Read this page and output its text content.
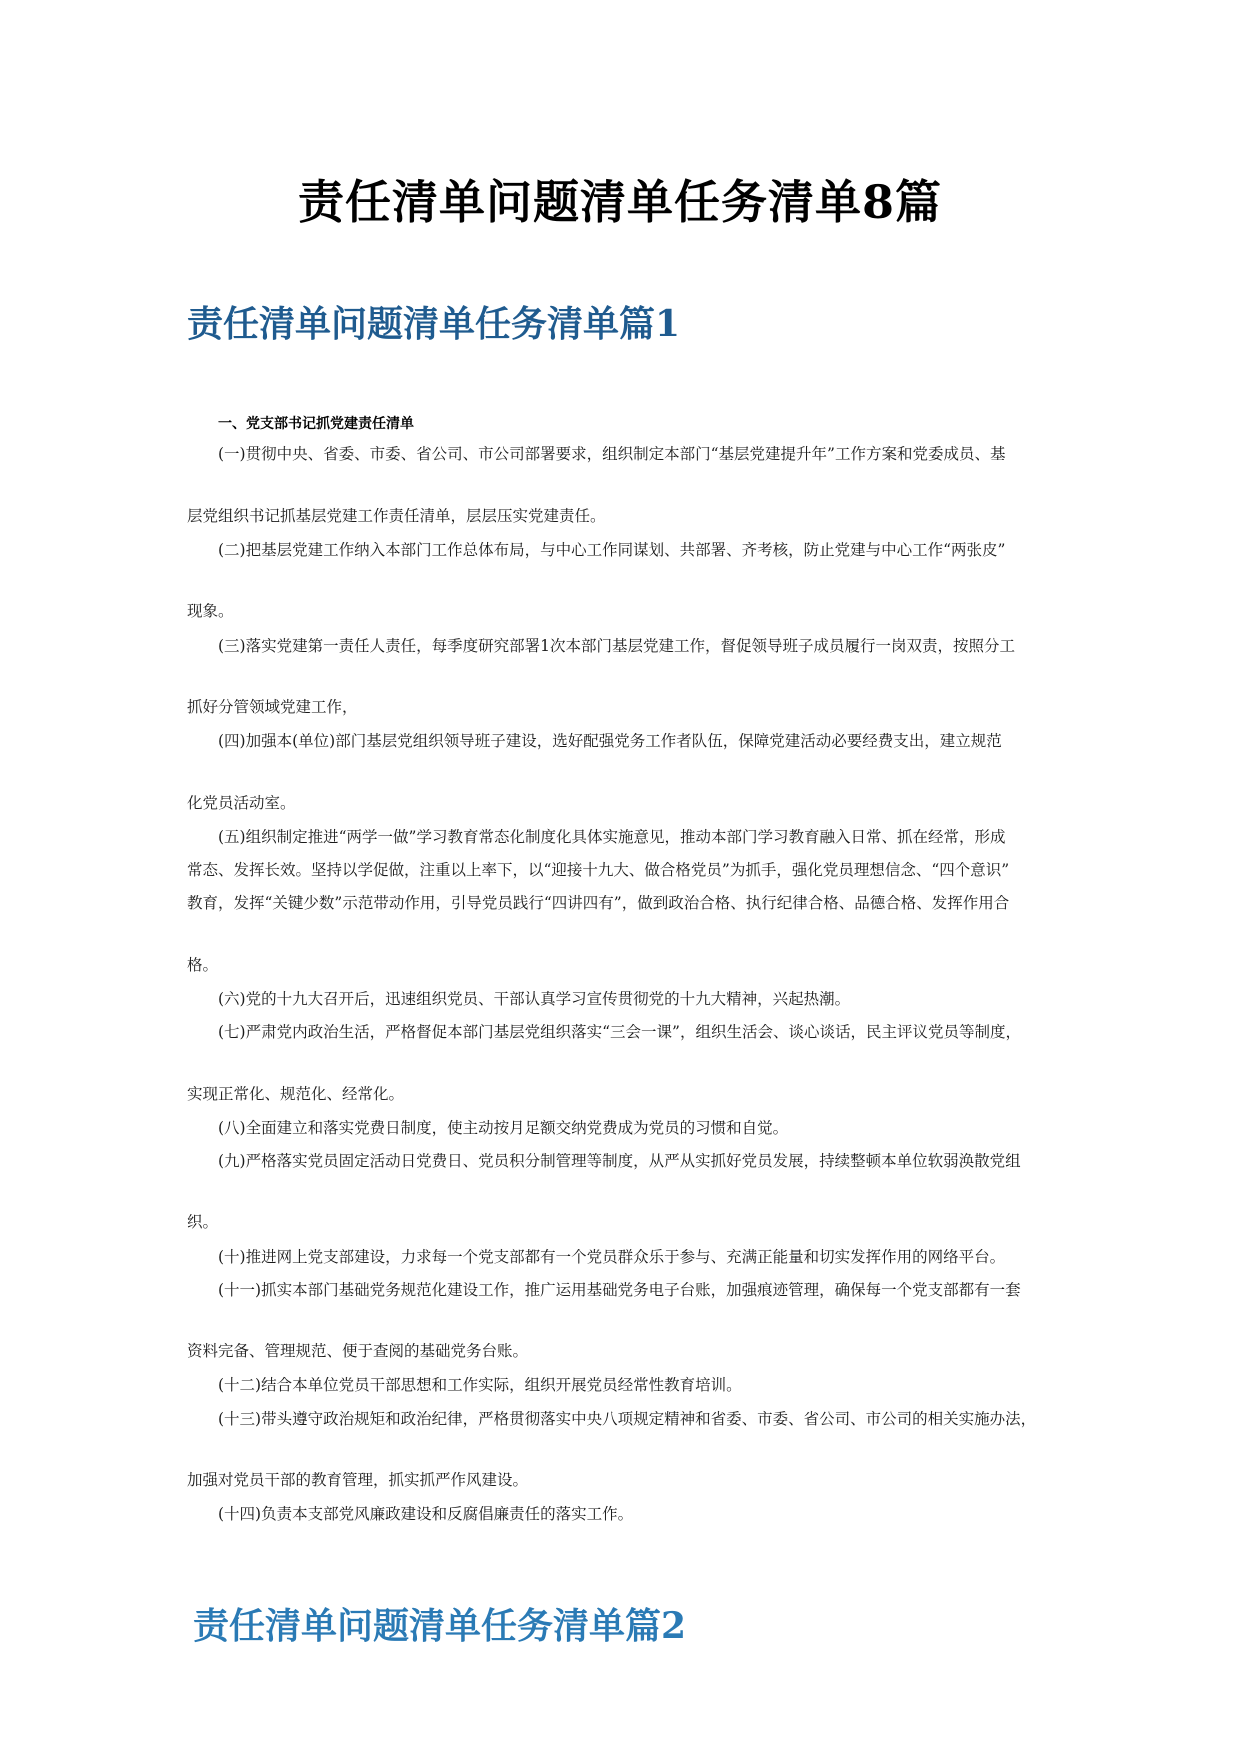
责任清单问题清单任务清单8篇
责任清单问题清单任务清单篇1

一、党支部书记抓党建责任清单

(一)贯彻中央、省委、市委、省公司、市公司部署要求，组织制定本部门“基层党建提升年”工作方案和党委成员、基

层党组织书记抓基层党建工作责任清单，层层压实党建责任。

(二)把基层党建工作纳入本部门工作总体布局，与中心工作同谋划、共部署、齐考核，防止党建与中心工作“两张皮”

现象。

(三)落实党建第一责任人责任，每季度研究部署1次本部门基层党建工作，督促领导班子成员履行一岗双责，按照分工

抓好分管领域党建工作，

(四)加强本(单位)部门基层党组织领导班子建设，选好配强党务工作者队伍，保障党建活动必要经费支出，建立规范

化党员活动室。

(五)组织制定推进“两学一做”学习教育常态化制度化具体实施意见，推动本部门学习教育融入日常、抓在经常，形成

常态、发挥长效。坚持以学促做，注重以上率下，以“迎接十九大、做合格党员”为抓手，强化党员理想信念、“四个意识”

教育，发挥“关键少数”示范带动作用，引导党员践行“四讲四有”，做到政治合格、执行纪律合格、品德合格、发挥作用合

格。

(六)党的十九大召开后，迅速组织党员、干部认真学习宣传贯彻党的十九大精神，兴起热潮。

(七)严肃党内政治生活，严格督促本部门基层党组织落实“三会一课”，组织生活会、谈心谈话，民主评议党员等制度，

实现正常化、规范化、经常化。

(八)全面建立和落实党费日制度，使主动按月足额交纳党费成为党员的习惯和自觉。

(九)严格落实党员固定活动日党费日、党员积分制管理等制度，从严从实抓好党员发展，持续整顿本单位软弱涣散党组

织。

(十)推进网上党支部建设，力求每一个党支部都有一个党员群众乐于参与、充满正能量和切实发挥作用的网络平台。

(十一)抓实本部门基础党务规范化建设工作，推广运用基础党务电子台账，加强痕迹管理，确保每一个党支部都有一套

资料完备、管理规范、便于查阅的基础党务台账。

(十二)结合本单位党员干部思想和工作实际，组织开展党员经常性教育培训。

(十三)带头遵守政治规矩和政治纪律，严格贯彻落实中央八项规定精神和省委、市委、省公司、市公司的相关实施办法，

加强对党员干部的教育管理，抓实抓严作风建设。

(十四)负责本支部党风廉政建设和反腐倡廉责任的落实工作。

责任清单问题清单任务清单篇2
